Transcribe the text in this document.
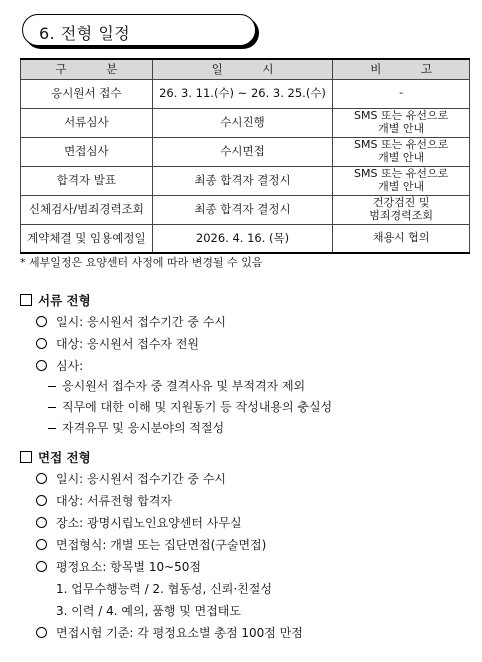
6. 전형 일정
구 분	일 시	비 고
응시원서 접수	26. 3. 11.(수) ~ 26. 3. 25.(수)	-

서류심사	수시진행	SMS 또는 유선으로
개별 안내

면접심사	수시면접	SMS 또는 유선으로
개별 안내

합격자 발표	최종 합격자 결정시	SMS 또는 유선으로
개별 안내

신체검사/범죄경력조회	최종 합격자 결정시	건강검진 및
범죄경력조회

계약체결 및 임용예정일	2026. 4. 16. (목)	채용시 협의
* 세부일정은 요양센터 사정에 따라 변경될 수 있음
서류 전형
일시: 응시원서 접수기간 중 수시
대상: 응시원서 접수자 전원
심사:
응시원서 접수자 중 결격사유 및 부적격자 제외
직무에 대한 이해 및 지원동기 등 작성내용의 충실성
자격유무 및 응시분야의 적절성
면접 전형
일시: 응시원서 접수기간 중 수시
대상: 서류전형 합격자
장소: 광명시립노인요양센터 사무실
면접형식: 개별 또는 집단면접(구술면접)
평정요소: 항목별 10~50점
1. 업무수행능력 / 2. 협동성, 신뢰·친절성
3. 이력 / 4. 예의, 품행 및 면접태도
면접시험 기준: 각 평정요소별 총점 100점 만점
